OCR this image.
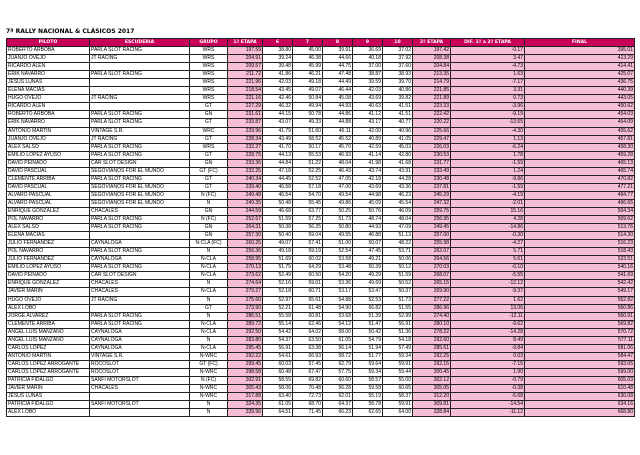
7ª RALLY NACIONAL & CLÁSICOS 2017
PILOTO	ESCUDERIA	GRUPO	1ª ETAPA	6	7	8	9	10	2ª ETAPA	DIF. 1ª a 2ª ETAPA	FINAL
ROBERTO ARBOBA	PARLA SLOT RACING	WRS	197.59	38.80	45.00	39.91	36.69	37.02	197.42	-0.17	395.01
JUANJO OVEJO	JT RACING	WRS	204.91	39.24	46.38	44.66	40.18	37.92	208.38	3.47	413.29
RICARDO ALÉN		WRS	209.57	39.48	45.99	44.75	37.00	37.60	204.84	-4.73	414.41
ERIK NAVARRO	PARLA SLOT RACING	WRS	211.72	41.86	46.21	47.48	38.87	38.93	213.35	1.63	425.07
JESÚS LUNAS		WRS	221.96	42.03	49.18	44.49	39.59	39.70	214.79	-7.17	436.75
ELENA MACIAS		WRS	218.54	43.45	49.07	46.44	42.03	40.86	221.85	3.31	440.39
HUGO OVEJO	JT RACING	WRS	221.16	42.46	50.84	45.08	43.69	39.82	221.89	0.73	443.05
RICARDO ALÉN		GT	227.29	46.32	49.94	44.93	40.63	41.51	223.33	-3.96	450.62
ROBERTO ARBOBA	PARLA SLOT RACING	GN	231.61	44.15	50.78	44.86	41.12	41.51	222.42	-9.19	454.03
ERIK NAVARRO	PARLA SLOT RACING	GT	233.87	43.07	49.33	44.88	43.17	40.77	220.22	-13.65	454.09
ANTONIO MARTÍN	VINTAGE S.R.	WRC	229.96	41.79	51.60	46.11	42.00	40.96	225.66	-4.30	455.62
JUANJO OVEJO	JT RACING	GT	228.34	43.49	58.52	45.52	40.89	41.05	229.47	1.13	457.81
ALEX SALSO	PARLA SLOT RACING	WRS	232.27	41.70	50.17	45.70	42.59	45.03	226.03	-6.24	458.30
EMILIO LOPEZ AYUSO	PARLA SLOT RACING	GT	228.75	44.13	55.53	46.93	41.14	42.80	230.53	1.78	459.28
DAVID PEINADO	CAR SLOT DESIGN	GN	233.36	44.84	51.22	48.04	41.98	41.68	231.77	-1.59	465.13
DAVID PASCUAL	SEGOVIANOS FOR EL MUNDO	GT (FC)	232.25	47.18	52.25	46.43	43.74	43.91	233.49	1.24	465.74
CLEMENTE ARRIBA	PARLA SLOT RACING	GT	240.34	44.45	52.52	47.05	42.18	44.28	230.48	-9.86	470.82
DAVID PASCUAL	SEGOVIANOS FOR EL MUNDO	GT	239.40	46.58	57.18	47.00	43.69	43.36	237.81	-1.59	477.21
ALVARO PASCUAL	SEGOVIANOS FOR EL MUNDO	N (FC)	249.48	46.54	54.70	49.54	44.98	46.23	245.29	-4.19	494.77
ALVARO PASCUAL	SEGOVIANOS FOR EL MUNDO	N	249.35	50.48	55.45	49.86	45.09	45.54	247.32	-2.01	496.65
ENRIQUE GONZÁLEZ	CHACALES	GN	244.59	46.68	63.77	50.25	50.76	46.09	259.75	15.16	504.34
POL NAVARRO	PARLA SLOT RACING	N (FC)	252.67	51.59	57.25	51.73	48.74	48.04	256.95	4.28	509.62
ALEX SALSO	PARLA SLOT RACING	GN	264.31	50.38	56.25	50.80	44.93	47.09	249.45	-14.86	513.76
ELENA MACIAS		GN	257.30	50.40	59.04	49.55	46.88	51.13	257.00	-0.30	514.30
JULIO FERNÁNDEZ	CAYNALOGA	N-CLA (FC)	260.25	49.07	57.41	51.00	50.07	48.22	255.98	-4.27	516.23
POL NAVARRO	PARLA SLOT RACING	N	256.36	49.18	59.19	52.54	47.45	53.71	262.07	5.71	518.43
JULIO FERNÁNDEZ	CAYNALOGA	N-CLA	258.95	51.69	60.02	53.58	49.21	50.06	264.56	5.61	523.51
EMILIO LOPEZ AYUSO	PARLA SLOT RACING	N-CLA	270.13	51.75	64.29	53.48	50.39	50.12	270.03	-0.10	540.16
DAVID PEINADO	CAR SLOT DESIGN	N-CLA	273.62	52.49	60.50	54.20	49.29	51.59	268.07	-5.55	541.69
ENRIQUE GONZÁLEZ	CHACALES	N	274.64	52.16	59.01	53.36	49.69	50.52	265.15	-12.12	542.42
JAVIER MARÍN	CHACALES	N-CLA	279.27	52.18	60.71	53.17	53.47	50.37	269.90	-9.37	549.17
HUGO OVEJO	JT RACING	N	275.60	52.97	65.61	54.88	52.53	51.73	277.22	1.62	552.82
ALEX LOBO		GT	273.90	52.21	61.48	54.90	66.82	51.55	286.96	13.06	560.86
JORGE ALVAREZ	PARLA SLOT RACING	N	286.51	55.58	60.81	53.68	51.39	52.99	274.40	-12.11	560.91
CLEMENTE ARRIBA	PARLA SLOT RACING	N-CLA	289.72	55.14	62.46	54.12	51.47	56.91	280.10	-9.62	569.82
ÁNGEL LUIS MANZANO	CAYNALOGA	N-CLA	292.50	54.42	64.02	58.00	50.42	51.36	278.22	-14.28	570.72
ÁNGEL LUIS MANZANO	CAYNALOGA	N	283.80	54.37	63.50	61.05	54.79	54.18	292.60	8.49	577.11
CARLOS LOPEZ	CAYNALOGA	N-CLA	295.45	56.91	63.38	56.14	51.94	57.49	285.61	-9.84	581.06
ANTONIO MARTÍN	VINTAGE S.R.	N-WRC	292.22	54.61	66.93	58.72	51.77	59.34	292.25	0.03	584.47
CARLOS LOPEZ ARROGANTE	ROCOSLOT	GT (FC)	299.45	60.03	57.45	62.79	59.64	59.91	292.15	-7.15	593.05
CARLOS LOPEZ ARROGANTE	ROCOSLOT	N-WRC	298.58	60.48	67.47	57.75	59.34	59.44	300.45	1.90	599.00
PATRICIA FIDALGO	SANFI MOTORSLOT	N (FC)	302.91	58.55	69.82	60.60	58.57	55.00	302.12	-0.79	605.03
JAVIER MARÍN	CHACALES	N-WRC	305.43	58.06	70.48	56.28	59.58	60.65	305.05	-0.38	610.48
JESÚS LUNAS		N-WRC	317.88	63.40	72.73	62.01	55.19	58.37	312.20	-5.68	630.08
PATRICIA FIDALGO	SANFI MOTORSLOT	N	324.35	61.05	68.70	64.37	58.78	59.91	309.81	-14.54	634.16
ALEX LOBO		N	339.96	64.51	71.45	66.23	62.65	64.00	328.84	-11.12	668.80
